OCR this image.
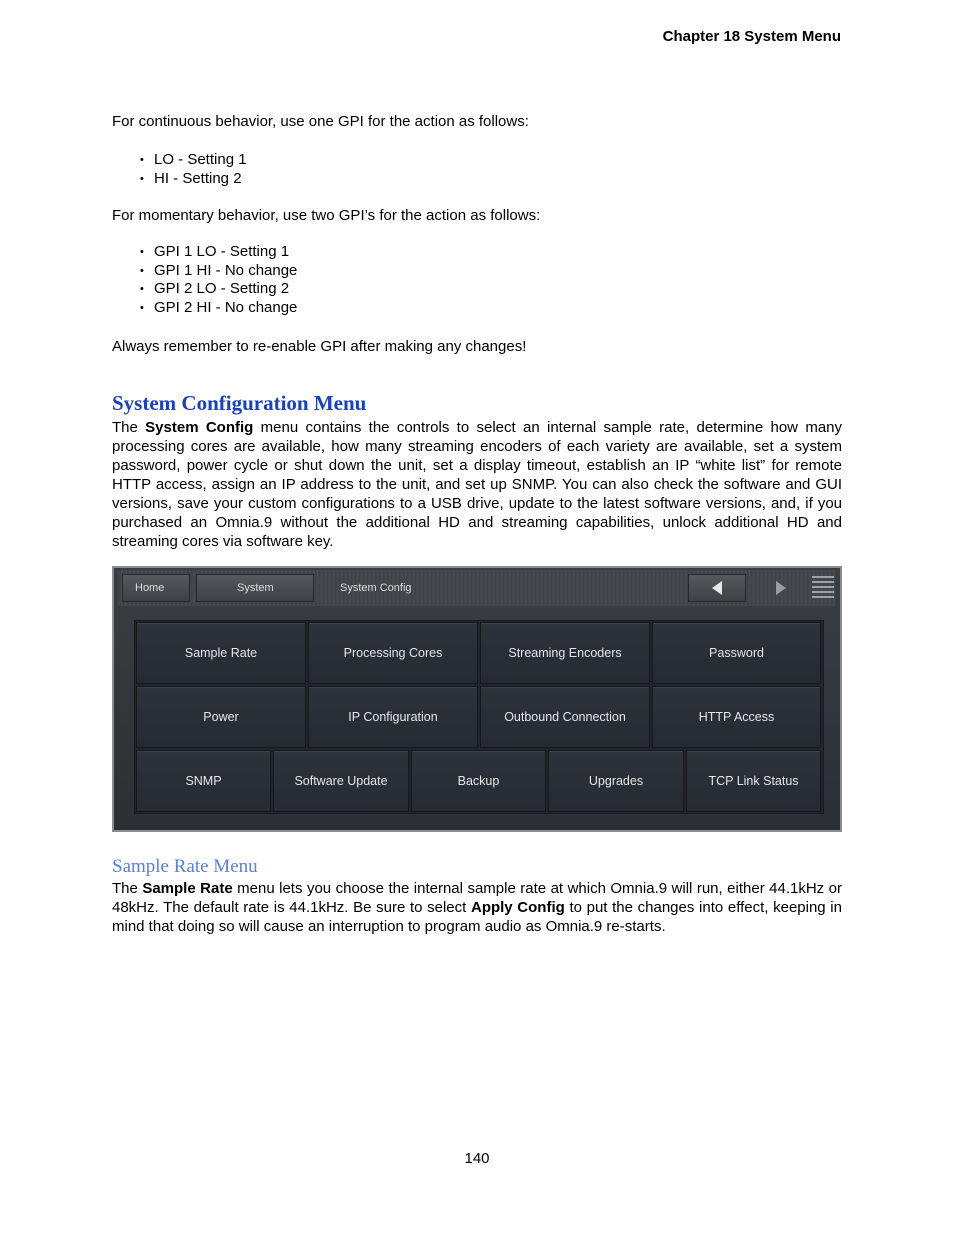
Chapter 18 System Menu
For continuous behavior, use one GPI for the action as follows:
• LO - Setting 1
• HI - Setting 2
For momentary behavior, use two GPI’s for the action as follows:
• GPI 1 LO - Setting 1
• GPI 1 HI - No change
• GPI 2 LO - Setting 2
• GPI 2 HI - No change
Always remember to re-enable GPI after making any changes!
System Configuration Menu
The System Config menu contains the controls to select an internal sample rate, determine how many processing cores are available, how many streaming encoders of each variety are available, set a system password, power cycle or shut down the unit, set a display timeout, establish an IP “white list” for remote HTTP access, assign an IP address to the unit, and set up SNMP. You can also check the software and GUI versions, save your custom configurations to a USB drive, update to the latest software versions, and, if you purchased an Omnia.9 without the additional HD and streaming capabilities, unlock additional HD and streaming cores via software key.
Home	System	System Config
Sample Rate	Processing Cores	Streaming Encoders	Password
Power	IP Configuration	Outbound Connection	HTTP Access
SNMP	Software Update	Backup	Upgrades	TCP Link Status
Sample Rate Menu
The Sample Rate menu lets you choose the internal sample rate at which Omnia.9 will run, either 44.1kHz or 48kHz. The default rate is 44.1kHz. Be sure to select Apply Config to put the changes into effect, keeping in mind that doing so will cause an interruption to program audio as Omnia.9 re-starts.
140
